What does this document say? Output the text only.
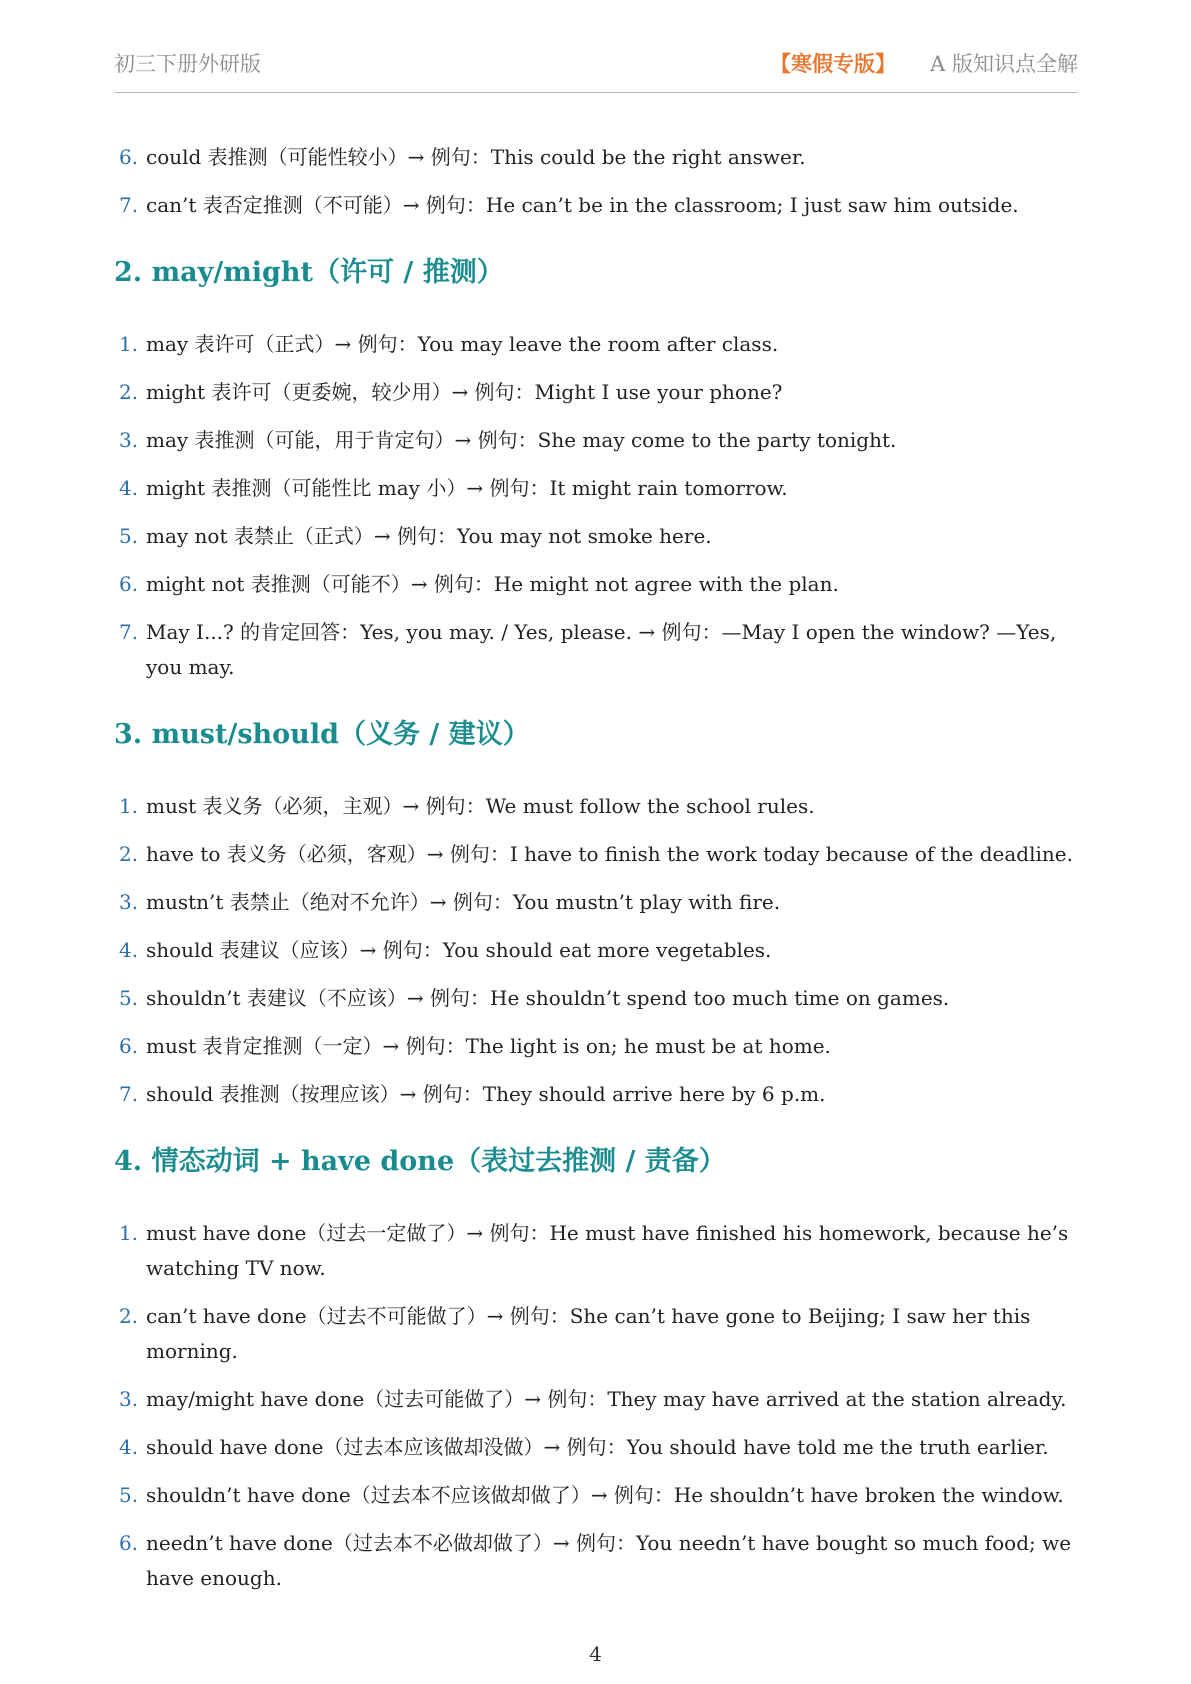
初三下册外研版	【寒假专版】 A 版知识点全解
6 . could 表推测（可能性较小）→ 例句：This could be the right answer.
7 . can’t 表否定推测（不可能）→ 例句：He can’t be in the classroom; I just saw him outside.
2 . may/might（许可 / 推测）
1 . may 表许可（正式）→ 例句：You may leave the room after class.
2 . might 表许可（更委婉，较少用）→ 例句：Might I use your phone?
3 . may 表推测（可能，用于肯定句）→ 例句：She may come to the party tonight.
4 . might 表推测（可能性比 may 小）→ 例句：It might rain tomorrow.
5 . may not 表禁止（正式）→ 例句：You may not smoke here.
6 . might not 表推测（可能不）→ 例句：He might not agree with the plan.
7 . May I...? 的肯定回答：Yes, you may. / Yes, please. → 例句：—May I open the window? —Yes, you may.
3 . must/should（义务 / 建议）
1 . must 表义务（必须，主观）→ 例句：We must follow the school rules.
2 . have to 表义务（必须，客观）→ 例句：I have to finish the work today because of the deadline.
3 . mustn’t 表禁止（绝对不允许）→ 例句：You mustn’t play with fire.
4 . should 表建议（应该）→ 例句：You should eat more vegetables.
5 . shouldn’t 表建议（不应该）→ 例句：He shouldn’t spend too much time on games.
6 . must 表肯定推测（一定）→ 例句：The light is on; he must be at home.
7 . should 表推测（按理应该）→ 例句：They should arrive here by 6 p.m.
4 . 情态动词 + have done（表过去推测 / 责备）
1 . must have done（过去一定做了）→ 例句：He must have finished his homework, because he’s watching TV now.
2 . can’t have done（过去不可能做了）→ 例句：She can’t have gone to Beijing; I saw her this morning.
3 . may/might have done（过去可能做了）→ 例句：They may have arrived at the station already.
4 . should have done（过去本应该做却没做）→ 例句：You should have told me the truth earlier.
5 . shouldn’t have done（过去本不应该做却做了）→ 例句：He shouldn’t have broken the window.
6 . needn’t have done（过去本不必做却做了）→ 例句：You needn’t have bought so much food; we have enough.
4
